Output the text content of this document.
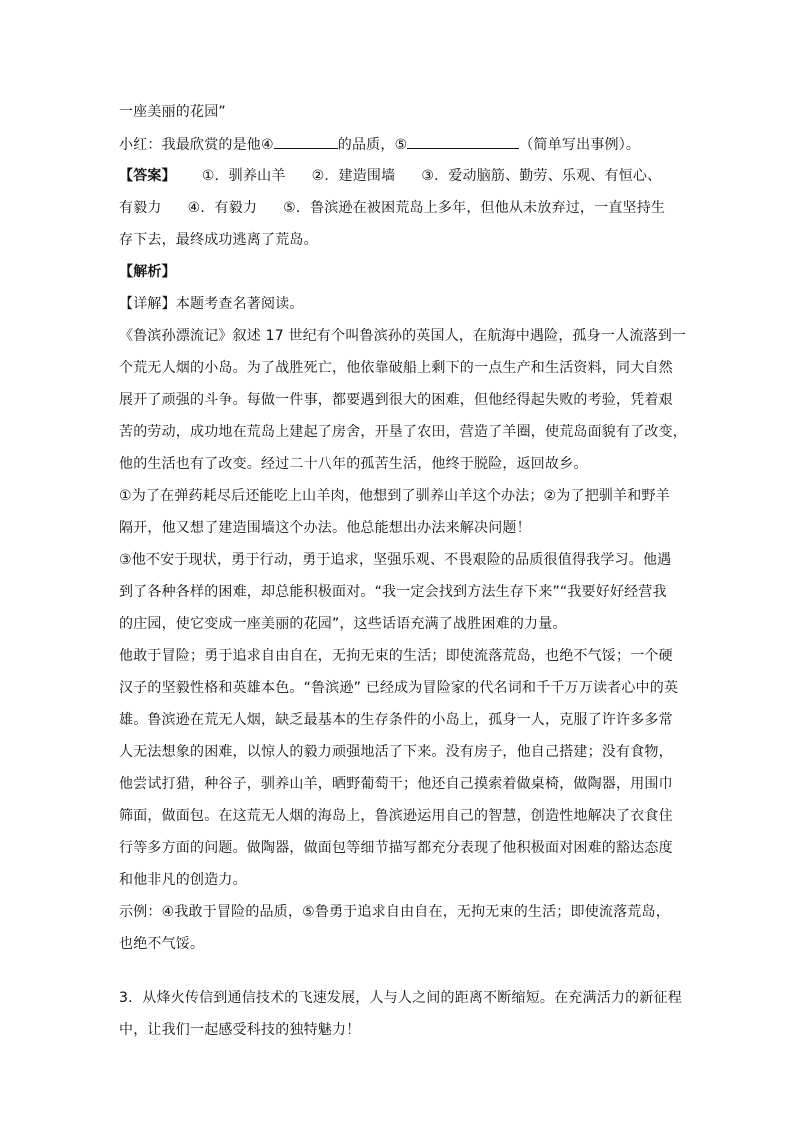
一座美丽的花园”
小红：我最欣赏的是他④	的品质，⑤	（简单写出事例）。
【答案】 ①．驯养山羊 ②．建造围墙 ③．爱动脑筋、勤劳、乐观、有恒心、
有毅力 ④．有毅力 ⑤．鲁滨逊在被困荒岛上多年，但他从未放弃过，一直坚持生
存下去，最终成功逃离了荒岛。
【解析】
【详解】本题考查名著阅读。
《鲁滨孙漂流记》叙述 17 世纪有个叫鲁滨孙的英国人，在航海中遇险，孤身一人流落到一
个荒无人烟的小岛。为了战胜死亡，他依靠破船上剩下的一点生产和生活资料，同大自然
展开了顽强的斗争。每做一件事，都要遇到很大的困难，但他经得起失败的考验，凭着艰
苦的劳动，成功地在荒岛上建起了房舍，开垦了农田，营造了羊圈，使荒岛面貌有了改变，
他的生活也有了改变。经过二十八年的孤苦生活，他终于脱险，返回故乡。
①为了在弹药耗尽后还能吃上山羊肉，他想到了驯养山羊这个办法；②为了把驯羊和野羊
隔开，他又想了建造围墙这个办法。他总能想出办法来解决问题！
③他不安于现状，勇于行动，勇于追求，坚强乐观、不畏艰险的品质很值得我学习。他遇
到了各种各样的困难，却总能积极面对。“我一定会找到方法生存下来”“我要好好经营我
的庄园，使它变成一座美丽的花园”，这些话语充满了战胜困难的力量。
他敢于冒险；勇于追求自由自在，无拘无束的生活；即使流落荒岛，也绝不气馁；一个硬
汉子的坚毅性格和英雄本色。“鲁滨逊” 已经成为冒险家的代名词和千千万万读者心中的英
雄。鲁滨逊在荒无人烟，缺乏最基本的生存条件的小岛上，孤身一人，克服了许许多多常
人无法想象的困难，以惊人的毅力顽强地活了下来。没有房子，他自己搭建；没有食物，
他尝试打猎，种谷子，驯养山羊，晒野葡萄干；他还自己摸索着做桌椅，做陶器，用围巾
筛面，做面包。在这荒无人烟的海岛上，鲁滨逊运用自己的智慧，创造性地解决了衣食住
行等多方面的问题。做陶器，做面包等细节描写都充分表现了他积极面对困难的豁达态度
和他非凡的创造力。
示例：④我敢于冒险的品质，⑤鲁勇于追求自由自在，无拘无束的生活；即使流落荒岛，
也绝不气馁。
3．从烽火传信到通信技术的飞速发展，人与人之间的距离不断缩短。在充满活力的新征程
中，让我们一起感受科技的独特魅力！
